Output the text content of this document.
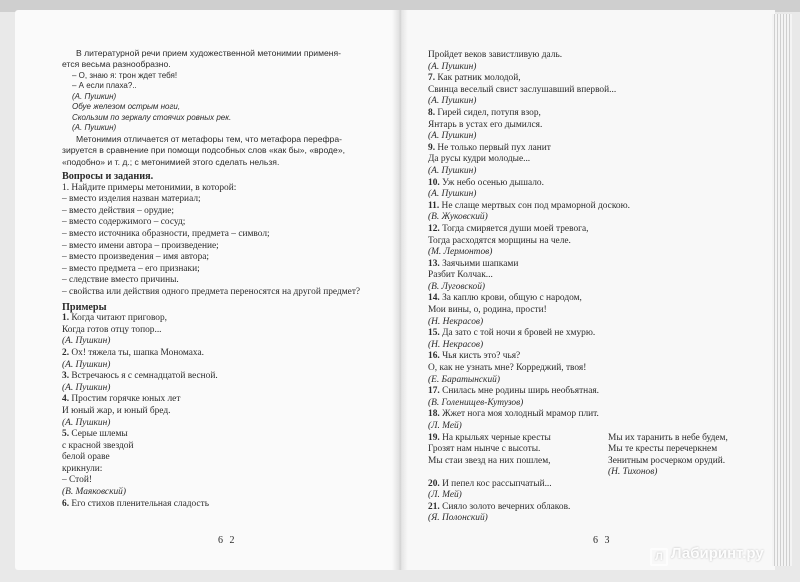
В литературной речи прием художественной метонимии применя-
ется весьма разнообразно.
– О, знаю я: трон ждет тебя!
– А если плаха?..
(А. Пушкин)
Обуе железом острым ноги,
Скользим по зеркалу стоячих ровных рек.
(А. Пушкин)
Метонимия отличается от метафоры тем, что метафора перефра-
зируется в сравнение при помощи подсобных слов «как бы», «вроде»,
«подобно» и т. д.; с метонимией этого сделать нельзя.
Вопросы и задания.
1. Найдите примеры метонимии, в которой:
– вместо изделия назван материал;
– вместо действия – орудие;
– вместо содержимого – сосуд;
– вместо источника образности, предмета – символ;
– вместо имени автора – произведение;
– вместо произведения – имя автора;
– вместо предмета – его признаки;
– следствие вместо причины.
– свойства или действия одного предмета переносятся на другой предмет?
Примеры
1. Когда читают приговор,
Когда готов отцу топор...
(А. Пушкин)
2. Ох! тяжела ты, шапка Мономаха.
(А. Пушкин)
3. Встречаюсь я с семнадцатой весной.
(А. Пушкин)
4. Простим горячке юных лет
И юный жар, и юный бред.
(А. Пушкин)
5. Серые шлемы
с красной звездой
белой ораве
крикнули:
– Стой!
(В. Маяковский)
6. Его стихов пленительная сладость
6 2
Пройдет веков завистливую даль.
(А. Пушкин)
7. Как ратник молодой,
Свинца веселый свист заслушавший впервой...
(А. Пушкин)
8. Гирей сидел, потупя взор,
Янтарь в устах его дымился.
(А. Пушкин)
9. Не только первый пух ланит
Да русы кудри молодые...
(А. Пушкин)
10. Уж небо осенью дышало.
(А. Пушкин)
11. Не слаще мертвых сон под мраморной доскою.
(В. Жуковский)
12. Тогда смиряется души моей тревога,
Тогда расходятся морщины на челе.
(М. Лермонтов)
13. Заячьими шапками
Разбит Колчак...
(В. Луговской)
14. За каплю крови, общую с народом,
Мои вины, о, родина, прости!
(Н. Некрасов)
15. Да зато с той ночи я бровей не хмурю.
(Н. Некрасов)
16. Чья кисть это? чья?
О, как не узнать мне? Корреджий, твоя!
(Е. Баратынский)
17. Снилась мне родины ширь необъятная.
(В. Голенищев-Кутузов)
18. Жжет нога моя холодный мрамор плит.
(Л. Мей)
19. На крыльях черные кресты
Грозят нам нынче с высоты.
Мы стаи звезд на них пошлем,
Мы их таранить в небе будем,
Мы те кресты перечеркнем
Зенитным росчерком орудий.
(Н. Тихонов)
20. И пепел кос рассыпчатый...
(Л. Мей)
21. Сияло золото вечерних облаков.
(Я. Полонский)
6 3
Л Лабиринт.ру
